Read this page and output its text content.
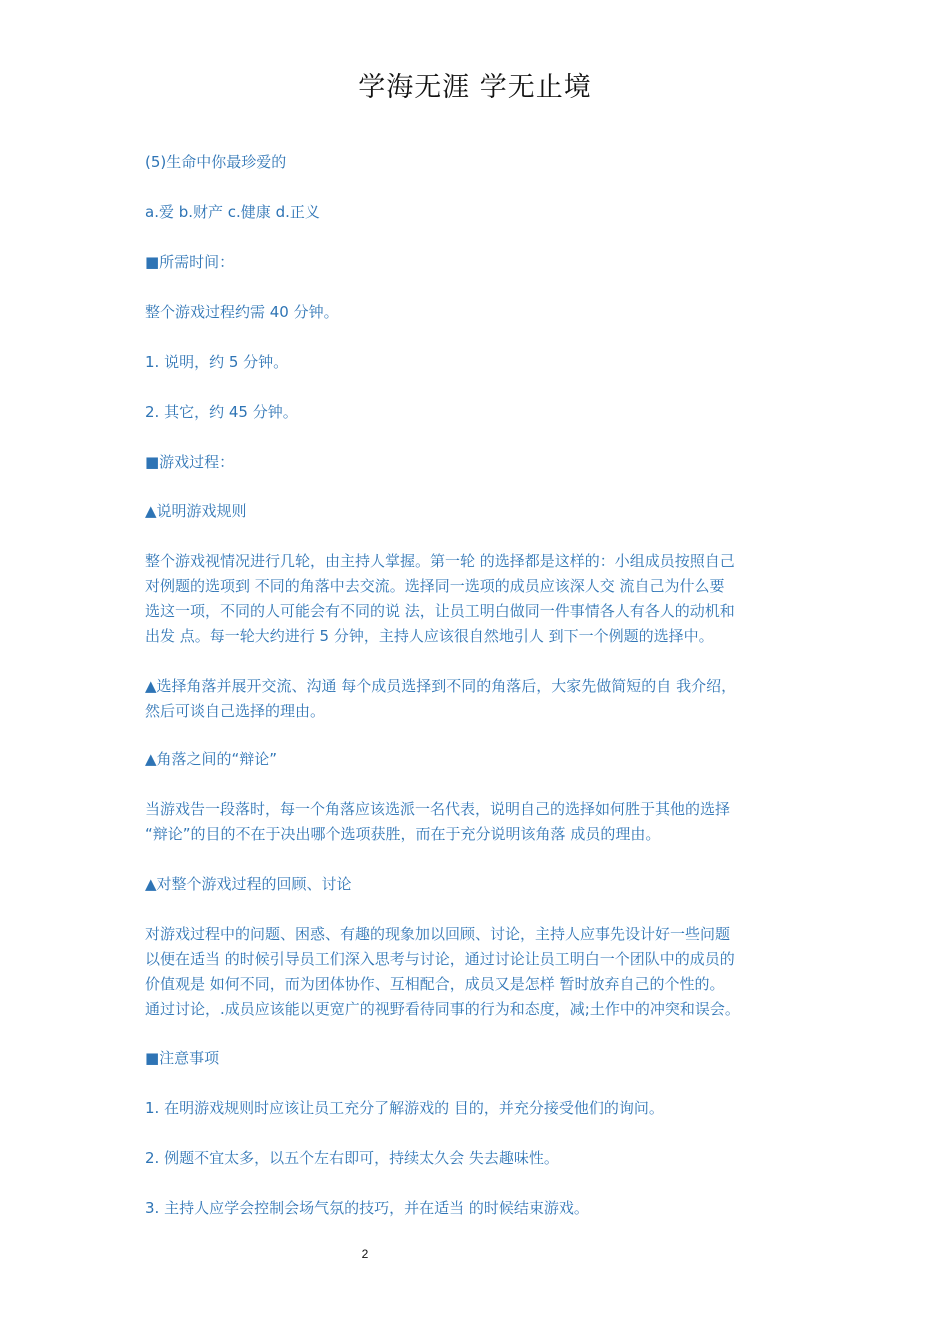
学海无涯 学无止境
(5)生命中你最珍爱的
a.爱 b.财产 c.健康 d.正义
■所需时间：
整个游戏过程约需 40 分钟。
1. 说明，约 5 分钟。
2. 其它，约 45 分钟。
■游戏过程：
▲说明游戏规则
整个游戏视情况进行几轮，由主持人掌握。第一轮 的选择都是这样的：小组成员按照自己
对例题的选项到 不同的角落中去交流。选择同一选项的成员应该深人交 流自己为什么要
选这一项，不同的人可能会有不同的说 法，让员工明白做同一件事情各人有各人的动机和
出发 点。每一轮大约进行 5 分钟，主持人应该很自然地引人 到下一个例题的选择中。
▲选择角落并展开交流、沟通 每个成员选择到不同的角落后，大家先做简短的自 我介绍，
然后可谈自己选择的理由。
▲角落之间的“辩论”
当游戏告一段落时，每一个角落应该选派一名代表，说明自己的选择如何胜于其他的选择
“辩论”的目的不在于决出哪个选项获胜，而在于充分说明该角落 成员的理由。
▲对整个游戏过程的回顾、讨论
对游戏过程中的问题、困惑、有趣的现象加以回顾、讨论，主持人应事先设计好一些问题
以便在适当 的时候引导员工们深入思考与讨论，通过讨论让员工明白一个团队中的成员的
价值观是 如何不同，而为团体协作、互相配合，成员又是怎样 暂时放弃自己的个性的。
通过讨论，.成员应该能以更宽广的视野看待同事的行为和态度，减;土作中的冲突和误会。
■注意事项
1. 在明游戏规则时应该让员工充分了解游戏的 目的，并充分接受他们的询问。
2. 例题不宜太多，以五个左右即可，持续太久会 失去趣味性。
3. 主持人应学会控制会场气氛的技巧，并在适当 的时候结束游戏。
2
